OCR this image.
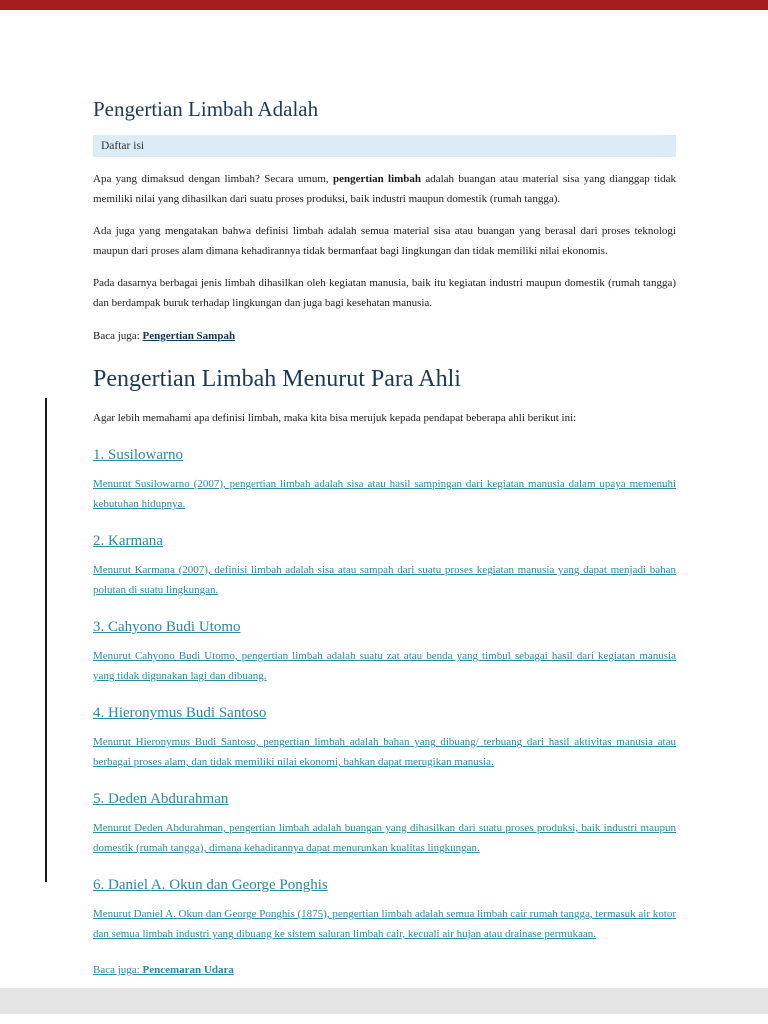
Pengertian Limbah Adalah
Daftar isi

Apa yang dimaksud dengan limbah? Secara umum, pengertian limbah adalah buangan atau material sisa yang dianggap tidak memiliki nilai yang dihasilkan dari suatu proses produksi, baik industri maupun domestik (rumah tangga).

Ada juga yang mengatakan bahwa definisi limbah adalah semua material sisa atau buangan yang berasal dari proses teknologi maupun dari proses alam dimana kehadirannya tidak bermanfaat bagi lingkungan dan tidak memiliki nilai ekonomis.

Pada dasarnya berbagai jenis limbah dihasilkan oleh kegiatan manusia, baik itu kegiatan industri maupun domestik (rumah tangga) dan berdampak buruk terhadap lingkungan dan juga bagi kesehatan manusia.

Baca juga: Pengertian Sampah

Pengertian Limbah Menurut Para Ahli

Agar lebih memahami apa definisi limbah, maka kita bisa merujuk kepada pendapat beberapa ahli berikut ini:

1. Susilowarno

Menurut Susilowarno (2007), pengertian limbah adalah sisa atau hasil sampingan dari kegiatan manusia dalam upaya memenuhi kebutuhan hidupnya.

2. Karmana

Menurut Karmana (2007), definisi limbah adalah sisa atau sampah dari suatu proses kegiatan manusia yang dapat menjadi bahan polutan di suatu lingkungan.

3. Cahyono Budi Utomo

Menurut Cahyono Budi Utomo, pengertian limbah adalah suatu zat atau benda yang timbul sebagai hasil dari kegiatan manusia yang tidak digunakan lagi dan dibuang.

4. Hieronymus Budi Santoso

Menurut Hieronymus Budi Santoso, pengertian limbah adalah bahan yang dibuang/ terbuang dari hasil aktivitas manusia atau berbagai proses alam, dan tidak memiliki nilai ekonomi, bahkan dapat merugikan manusia.

5. Deden Abdurahman

Menurut Deden Abdurahman, pengertian limbah adalah buangan yang dihasilkan dari suatu proses produksi, baik industri maupun domestik (rumah tangga), dimana kehadirannya dapat menurunkan kualitas lingkungan.

6. Daniel A. Okun dan George Ponghis

Menurut Daniel A. Okun dan George Ponghis (1875), pengertian limbah adalah semua limbah cair rumah tangga, termasuk air kotor dan semua limbah industri yang dibuang ke sistem saluran limbah cair, kecuali air hujan atau drainase permukaan.

Baca juga: Pencemaran Udara
